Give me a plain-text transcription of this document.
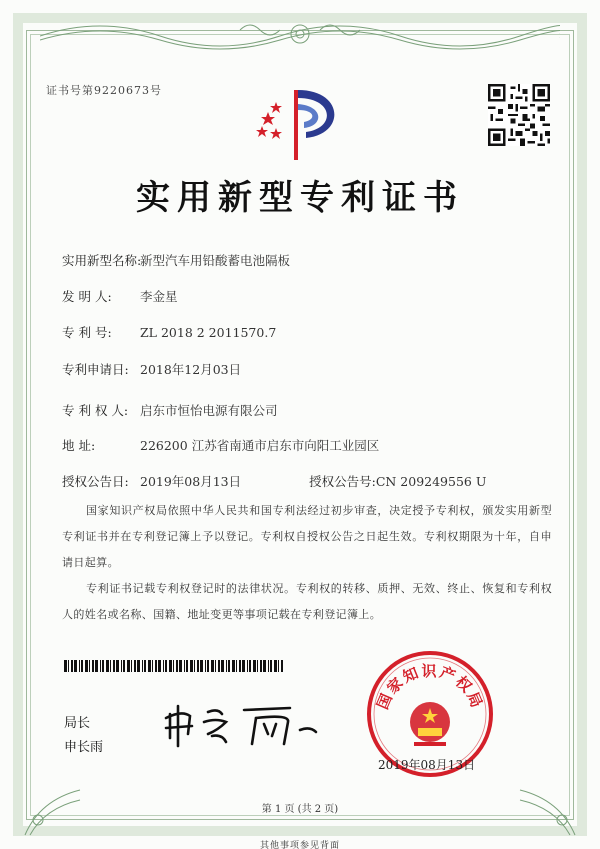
证书号第9220673号
实用新型专利证书
实用新型名称:新型汽车用铅酸蓄电池隔板
发 明 人: 李金星
专 利 号: ZL 2018 2 2011570.7
专利申请日: 2018年12月03日
专 利 权 人: 启东市恒怡电源有限公司
地 址:	226200 江苏省南通市启东市向阳工业园区
授权公告日: 2019年08月13日	授权公告号:CN 209249556 U

国家知识产权局依照中华人民共和国专利法经过初步审查，决定授予专利权，颁发实用新型专利证书并在专利登记簿上予以登记。专利权自授权公告之日起生效。专利权期限为十年，自申请日起算。

专利证书记载专利权登记时的法律状况。专利权的转移、质押、无效、终止、恢复和专利权人的姓名或名称、国籍、地址变更等事项记载在专利登记簿上。

局长
申长雨
国家知识产权局
2019年08月13日
第 1 页 (共 2 页)
其他事项参见背面
